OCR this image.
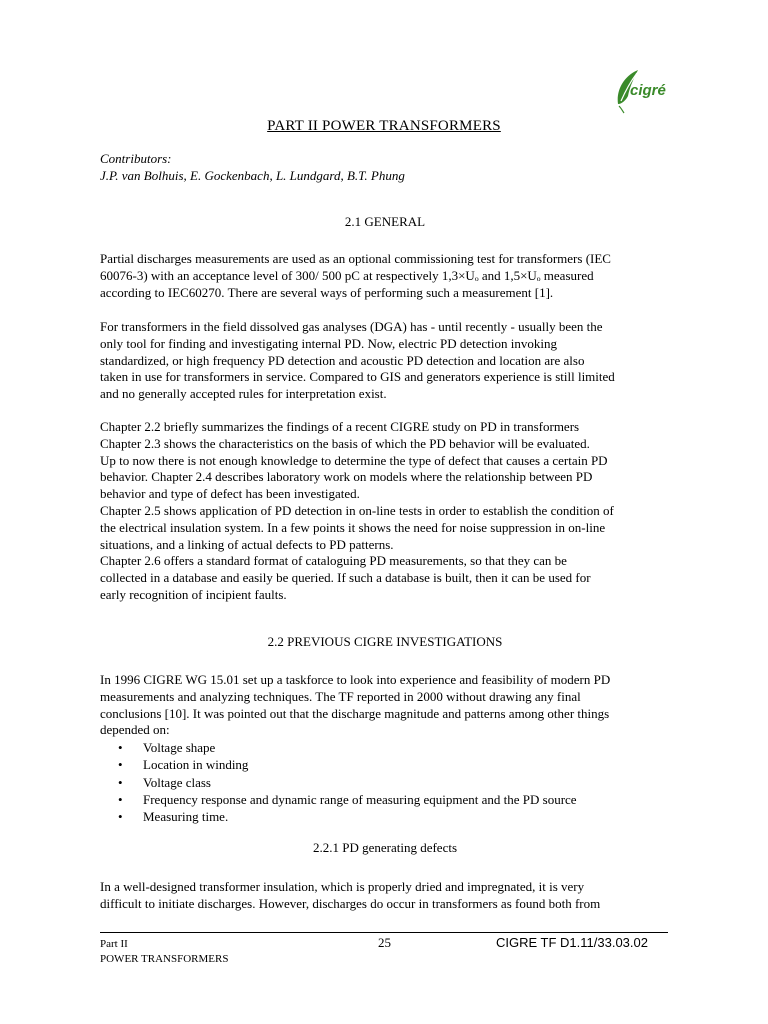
cigré
PART II POWER TRANSFORMERS
Contributors:
J.P. van Bolhuis, E. Gockenbach, L. Lundgard, B.T. Phung
2.1 GENERAL

Partial discharges measurements are used as an optional commissioning test for transformers (IEC

60076-3) with an acceptance level of 300/ 500 pC at respectively 1,3×Uₒ and 1,5×Uₒ measured

according to IEC60270. There are several ways of performing such a measurement [1].

For transformers in the field dissolved gas analyses (DGA) has - until recently - usually been the

only tool for finding and investigating internal PD. Now, electric PD detection invoking

standardized, or high frequency PD detection and acoustic PD detection and location are also

taken in use for transformers in service. Compared to GIS and generators experience is still limited

and no generally accepted rules for interpretation exist.

Chapter 2.2 briefly summarizes the findings of a recent CIGRE study on PD in transformers

Chapter 2.3 shows the characteristics on the basis of which the PD behavior will be evaluated.

Up to now there is not enough knowledge to determine the type of defect that causes a certain PD

behavior. Chapter 2.4 describes laboratory work on models where the relationship between PD

behavior and type of defect has been investigated.

Chapter 2.5 shows application of PD detection in on-line tests in order to establish the condition of

the electrical insulation system. In a few points it shows the need for noise suppression in on-line

situations, and a linking of actual defects to PD patterns.

Chapter 2.6 offers a standard format of cataloguing PD measurements, so that they can be

collected in a database and easily be queried. If such a database is built, then it can be used for

early recognition of incipient faults.

2.2 PREVIOUS CIGRE INVESTIGATIONS

In 1996 CIGRE WG 15.01 set up a taskforce to look into experience and feasibility of modern PD

measurements and analyzing techniques. The TF reported in 2000 without drawing any final

conclusions [10]. It was pointed out that the discharge magnitude and patterns among other things

depended on:

• Voltage shape
• Location in winding
• Voltage class
• Frequency response and dynamic range of measuring equipment and the PD source
• Measuring time.
2.2.1 PD generating defects

In a well-designed transformer insulation, which is properly dried and impregnated, it is very

difficult to initiate discharges. However, discharges do occur in transformers as found both from

Part II
POWER TRANSFORMERS
25	CIGRE TF D1.11/33.03.02
